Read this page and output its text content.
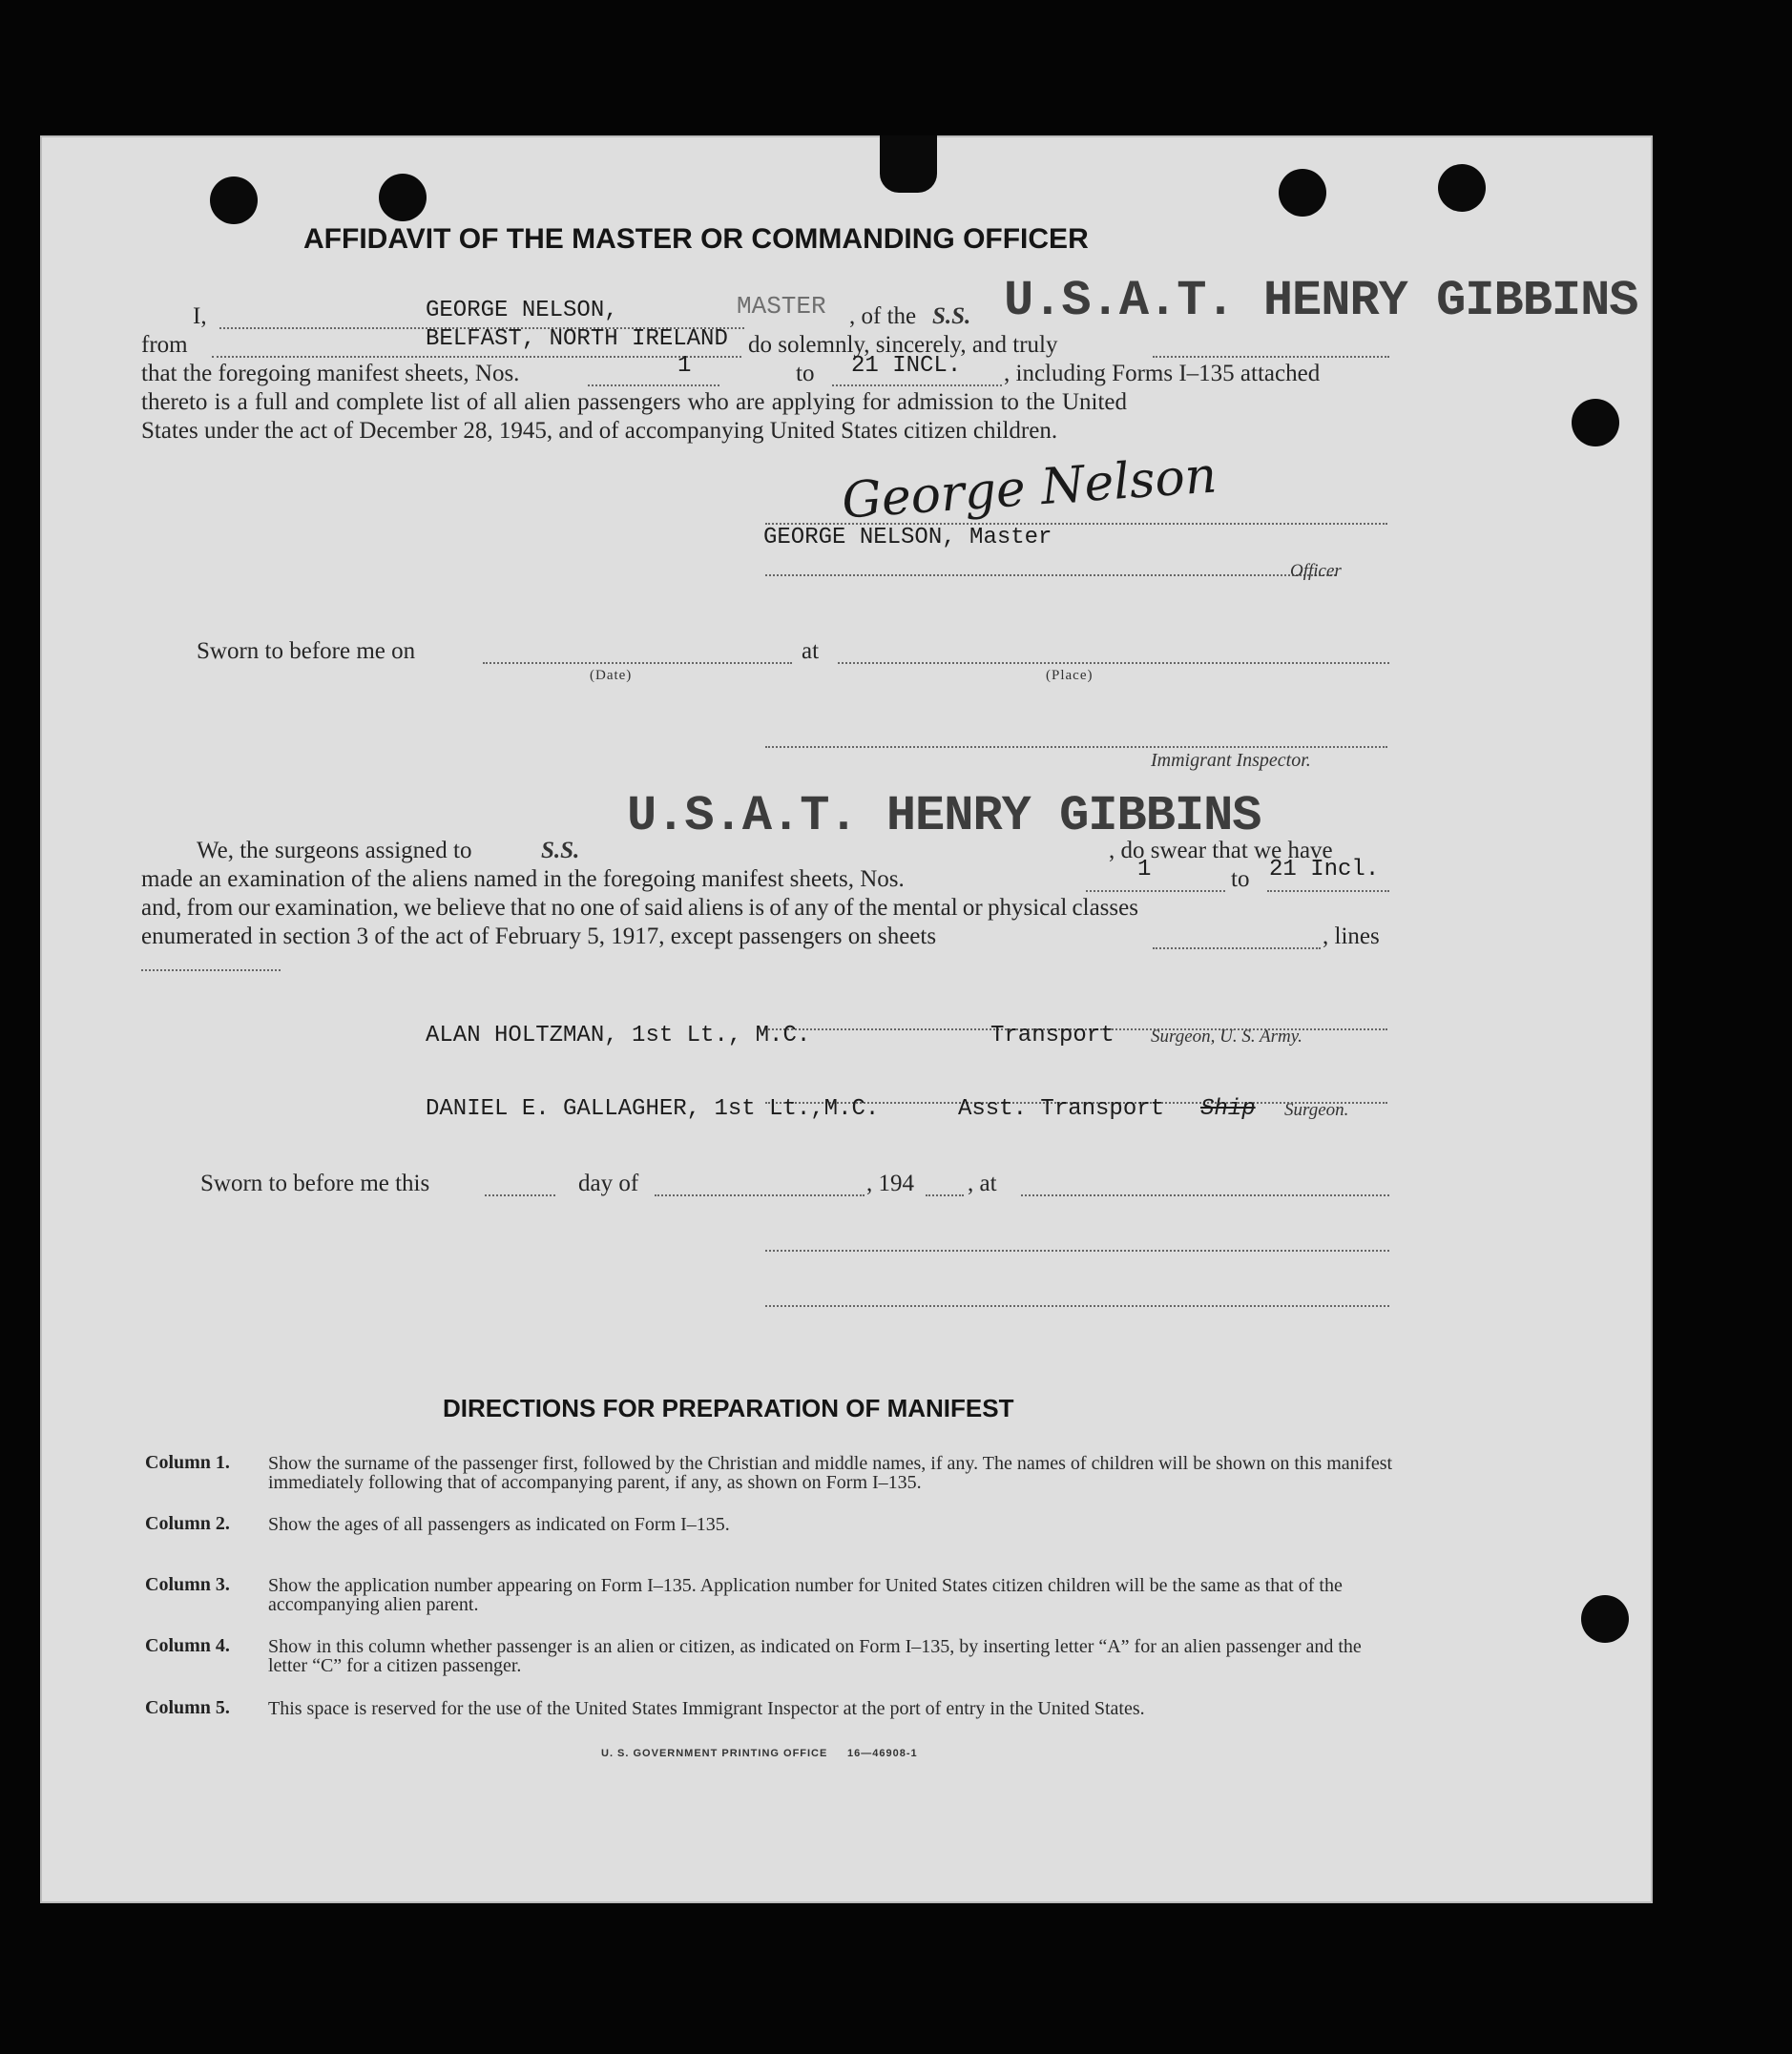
AFFIDAVIT OF THE MASTER OR COMMANDING OFFICER
I,	GEORGE NELSON,	MASTER , of the S.S. U.S.A.T. HENRY GIBBINS
from	BELFAST, NORTH IRELAND do solemnly, sincerely, and truly
that the foregoing manifest sheets, Nos.	1	to 21 INCL. , including Forms I–135 attached
thereto is a full and complete list of all alien passengers who are applying for admission to the United
States under the act of December 28, 1945, and of accompanying United States citizen children.
George Nelson
GEORGE NELSON, Master
Officer
Sworn to before me on
(Date)
at
(Place)
Immigrant Inspector.
U.S.A.T. HENRY GIBBINS
We, the surgeons assigned to	S.S.	, do swear that we have
made an examination of the aliens named in the foregoing manifest sheets, Nos.	1	to 21 Incl.
and, from our examination, we believe that no one of said aliens is of any of the mental or physical classes
enumerated in section 3 of the act of February 5, 1917, except passengers on sheets	, lines
ALAN HOLTZMAN, 1st Lt., M.C.	Transport Surgeon, U. S. Army.
DANIEL E. GALLAGHER, 1st Lt.,M.C.	Asst. Transport Ship Surgeon.
Sworn to before me this	day of	, 194 , at
DIRECTIONS FOR PREPARATION OF MANIFEST
Column 1. Show the surname of the passenger first, followed by the Christian and middle names, if any. The names of children will be shown on this manifest immediately following that of accompanying parent, if any, as shown on Form I–135.
Column 2. Show the ages of all passengers as indicated on Form I–135.
Column 3. Show the application number appearing on Form I–135. Application number for United States citizen children will be the same as that of the accompanying alien parent.
Column 4. Show in this column whether passenger is an alien or citizen, as indicated on Form I–135, by inserting letter “A” for an alien passenger and the letter “C” for a citizen passenger.
Column 5. This space is reserved for the use of the United States Immigrant Inspector at the port of entry in the United States.
U. S. GOVERNMENT PRINTING OFFICE 16—46908-1
